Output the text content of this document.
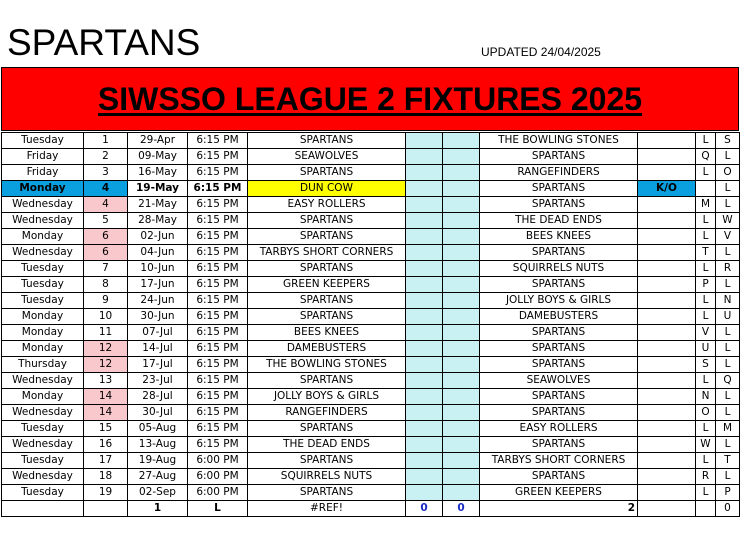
SPARTANS	UPDATED 24/04/2025
SIWSSO LEAGUE 2 FIXTURES 2025
Tuesday	1	29-Apr	6:15 PM	SPARTANS			THE BOWLING STONES		L	S
Friday	2	09-May	6:15 PM	SEAWOLVES			SPARTANS		Q	L
Friday	3	16-May	6:15 PM	SPARTANS			RANGEFINDERS		L	O
Monday	4	19-May	6:15 PM	DUN COW			SPARTANS	K/O		L
Wednesday	4	21-May	6:15 PM	EASY ROLLERS			SPARTANS		M	L
Wednesday	5	28-May	6:15 PM	SPARTANS			THE DEAD ENDS		L	W
Monday	6	02-Jun	6:15 PM	SPARTANS			BEES KNEES		L	V
Wednesday	6	04-Jun	6:15 PM	TARBYS SHORT CORNERS			SPARTANS		T	L
Tuesday	7	10-Jun	6:15 PM	SPARTANS			SQUIRRELS NUTS		L	R
Tuesday	8	17-Jun	6:15 PM	GREEN KEEPERS			SPARTANS		P	L
Tuesday	9	24-Jun	6:15 PM	SPARTANS			JOLLY BOYS & GIRLS		L	N
Monday	10	30-Jun	6:15 PM	SPARTANS			DAMEBUSTERS		L	U
Monday	11	07-Jul	6:15 PM	BEES KNEES			SPARTANS		V	L
Monday	12	14-Jul	6:15 PM	DAMEBUSTERS			SPARTANS		U	L
Thursday	12	17-Jul	6:15 PM	THE BOWLING STONES			SPARTANS		S	L
Wednesday	13	23-Jul	6:15 PM	SPARTANS			SEAWOLVES		L	Q
Monday	14	28-Jul	6:15 PM	JOLLY BOYS & GIRLS			SPARTANS		N	L
Wednesday	14	30-Jul	6:15 PM	RANGEFINDERS			SPARTANS		O	L
Tuesday	15	05-Aug	6:15 PM	SPARTANS			EASY ROLLERS		L	M
Wednesday	16	13-Aug	6:15 PM	THE DEAD ENDS			SPARTANS		W	L
Tuesday	17	19-Aug	6:00 PM	SPARTANS			TARBYS SHORT CORNERS		L	T
Wednesday	18	27-Aug	6:00 PM	SQUIRRELS NUTS			SPARTANS		R	L
Tuesday	19	02-Sep	6:00 PM	SPARTANS			GREEN KEEPERS		L	P
		1	L	#REF!	0	0	2			0
